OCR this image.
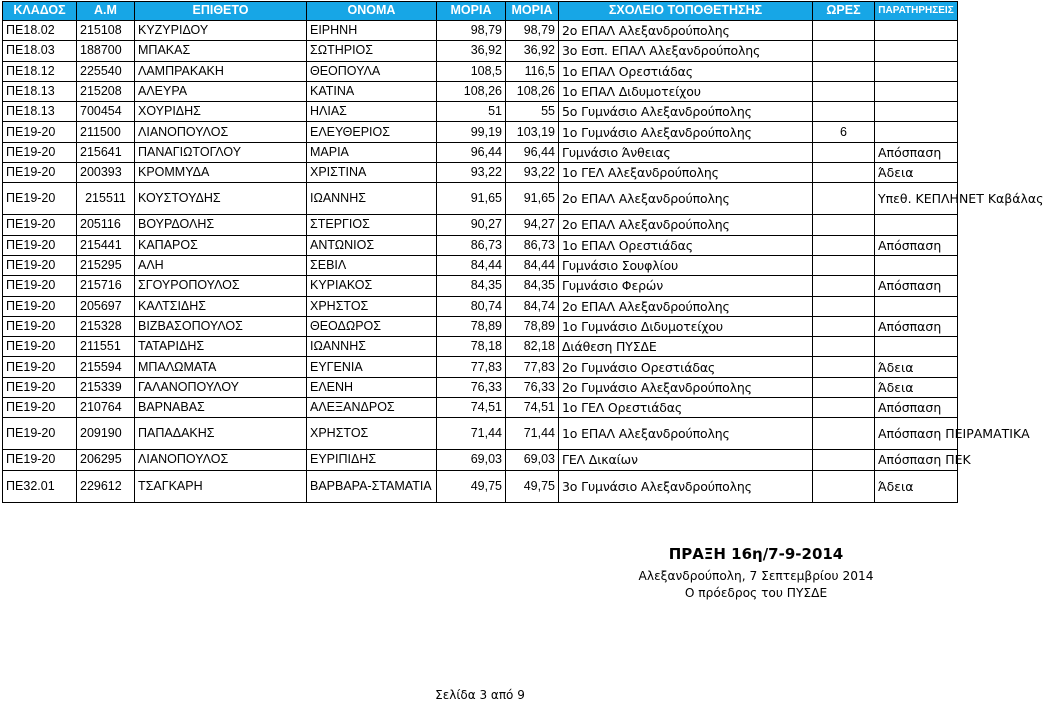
ΚΛΑΔΟΣ	Α.Μ	ΕΠΙΘΕΤΟ	ΟΝΟΜΑ	ΜΟΡΙΑ	ΜΟΡΙΑ	ΣΧΟΛΕΙΟ ΤΟΠΟΘΕΤΗΣΗΣ	ΩΡΕΣ	ΠΑΡΑΤΗΡΗΣΕΙΣ
ΠΕ18.02	215108	ΚΥΖΥΡΙΔΟΥ	ΕΙΡΗΝΗ	98,79	98,79	2ο ΕΠΑΛ Αλεξανδρούπολης		
ΠΕ18.03	188700	ΜΠΑΚΑΣ	ΣΩΤΗΡΙΟΣ	36,92	36,92	3ο Εσπ. ΕΠΑΛ Αλεξανδρούπολης		
ΠΕ18.12	225540	ΛΑΜΠΡΑΚΑΚΗ	ΘΕΟΠΟΥΛΑ	108,5	116,5	1ο ΕΠΑΛ Ορεστιάδας		
ΠΕ18.13	215208	ΑΛΕΥΡΑ	ΚΑΤΙΝΑ	108,26	108,26	1ο ΕΠΑΛ Διδυμοτείχου		
ΠΕ18.13	700454	ΧΟΥΡΙΔΗΣ	ΗΛΙΑΣ	51	55	5ο Γυμνάσιο Αλεξανδρούπολης		
ΠΕ19-20	211500	ΛΙΑΝΟΠΟΥΛΟΣ	ΕΛΕΥΘΕΡΙΟΣ	99,19	103,19	1ο Γυμνάσιο Αλεξανδρούπολης	6	
ΠΕ19-20	215641	ΠΑΝΑΓΙΩΤΟΓΛΟΥ	ΜΑΡΙΑ	96,44	96,44	Γυμνάσιο Άνθειας		Απόσπαση
ΠΕ19-20	200393	ΚΡΟΜΜΥΔΑ	ΧΡΙΣΤΙΝΑ	93,22	93,22	1ο ΓΕΛ Αλεξανδρούπολης		Άδεια
ΠΕ19-20	215511	ΚΟΥΣΤΟΥΔΗΣ	ΙΩΑΝΝΗΣ	91,65	91,65	2ο ΕΠΑΛ Αλεξανδρούπολης		Υπεθ. ΚΕΠΛΗΝΕΤ Καβάλας
ΠΕ19-20	205116	ΒΟΥΡΔΟΛΗΣ	ΣΤΕΡΓΙΟΣ	90,27	94,27	2ο ΕΠΑΛ Αλεξανδρούπολης		
ΠΕ19-20	215441	ΚΑΠΑΡΟΣ	ΑΝΤΩΝΙΟΣ	86,73	86,73	1ο ΕΠΑΛ Ορεστιάδας		Απόσπαση
ΠΕ19-20	215295	ΑΛΗ	ΣΕΒΙΛ	84,44	84,44	Γυμνάσιο Σουφλίου		
ΠΕ19-20	215716	ΣΓΟΥΡΟΠΟΥΛΟΣ	ΚΥΡΙΑΚΟΣ	84,35	84,35	Γυμνάσιο Φερών		Απόσπαση
ΠΕ19-20	205697	ΚΑΛΤΣΙΔΗΣ	ΧΡΗΣΤΟΣ	80,74	84,74	2ο ΕΠΑΛ Αλεξανδρούπολης		
ΠΕ19-20	215328	ΒΙΖΒΑΣΟΠΟΥΛΟΣ	ΘΕΟΔΩΡΟΣ	78,89	78,89	1ο Γυμνάσιο Διδυμοτείχου		Απόσπαση
ΠΕ19-20	211551	ΤΑΤΑΡΙΔΗΣ	ΙΩΑΝΝΗΣ	78,18	82,18	Διάθεση ΠΥΣΔΕ		
ΠΕ19-20	215594	ΜΠΑΛΩΜΑΤΑ	ΕΥΓΕΝΙΑ	77,83	77,83	2ο Γυμνάσιο Ορεστιάδας		Άδεια
ΠΕ19-20	215339	ΓΑΛΑΝΟΠΟΥΛΟΥ	ΕΛΕΝΗ	76,33	76,33	2ο Γυμνάσιο Αλεξανδρούπολης		Άδεια
ΠΕ19-20	210764	ΒΑΡΝΑΒΑΣ	ΑΛΕΞΑΝΔΡΟΣ	74,51	74,51	1ο ΓΕΛ Ορεστιάδας		Απόσπαση
ΠΕ19-20	209190	ΠΑΠΑΔΑΚΗΣ	ΧΡΗΣΤΟΣ	71,44	71,44	1ο ΕΠΑΛ Αλεξανδρούπολης		Απόσπαση ΠΕΙΡΑΜΑΤΙΚΑ
ΠΕ19-20	206295	ΛΙΑΝΟΠΟΥΛΟΣ	ΕΥΡΙΠΙΔΗΣ	69,03	69,03	ΓΕΛ Δικαίων		Απόσπαση ΠΕΚ
ΠΕ32.01	229612	ΤΣΑΓΚΑΡΗ	ΒΑΡΒΑΡΑ-ΣΤΑΜΑΤΙΑ	49,75	49,75	3ο Γυμνάσιο Αλεξανδρούπολης		Άδεια
ΠΡΑΞΗ 16η/7-9-2014
Αλεξανδρούπολη, 7 Σεπτεμβρίου 2014
Ο πρόεδρος του ΠΥΣΔΕ
Σελίδα 3 από 9
